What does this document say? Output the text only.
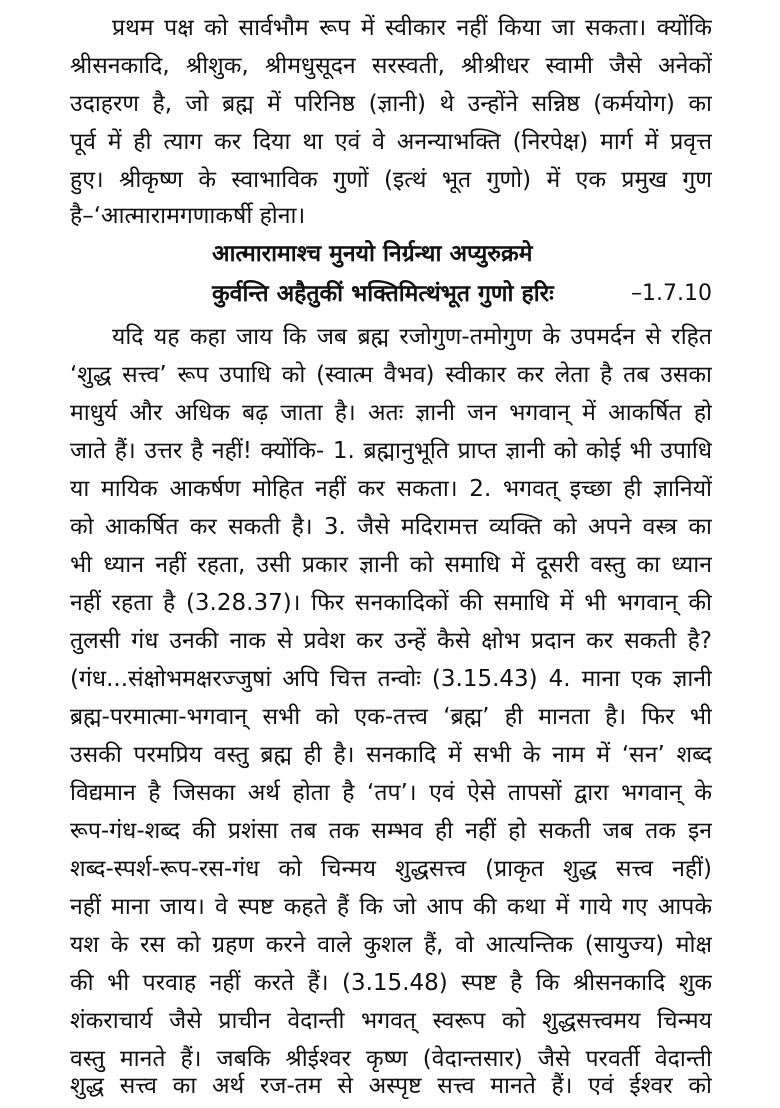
प्रथम पक्ष को सार्वभौम रूप में स्वीकार नहीं किया जा सकता। क्योंकि
श्रीसनकादि, श्रीशुक, श्रीमधुसूदन सरस्वती, श्रीश्रीधर स्वामी जैसे अनेकों
उदाहरण है, जो ब्रह्म में परिनिष्ठ (ज्ञानी) थे उन्होंने सन्निष्ठ (कर्मयोग) का
पूर्व में ही त्याग कर दिया था एवं वे अनन्याभक्ति (निरपेक्ष) मार्ग में प्रवृत्त
हुए। श्रीकृष्ण के स्वाभाविक गुणों (इत्थं भूत गुणो) में एक प्रमुख गुण
है–‘आत्मारामगणाकर्षी होना।
आत्मारामाश्च मुनयो निर्ग्रन्था अप्युरुक्रमे
कुर्वन्ति अहैतुकीं भक्तिमित्थंभूत गुणो हरिः	–1.7.10
यदि यह कहा जाय कि जब ब्रह्म रजोगुण-तमोगुण के उपमर्दन से रहित
‘शुद्ध सत्त्व’ रूप उपाधि को (स्वात्म वैभव) स्वीकार कर लेता है तब उसका
माधुर्य और अधिक बढ़ जाता है। अतः ज्ञानी जन भगवान् में आकर्षित हो
जाते हैं। उत्तर है नहीं! क्योंकि- 1. ब्रह्मानुभूति प्राप्त ज्ञानी को कोई भी उपाधि
या मायिक आकर्षण मोहित नहीं कर सकता। 2. भगवत् इच्छा ही ज्ञानियों
को आकर्षित कर सकती है। 3. जैसे मदिरामत्त व्यक्ति को अपने वस्त्र का
भी ध्यान नहीं रहता, उसी प्रकार ज्ञानी को समाधि में दूसरी वस्तु का ध्यान
नहीं रहता है (3.28.37)। फिर सनकादिकों की समाधि में भी भगवान् की
तुलसी गंध उनकी नाक से प्रवेश कर उन्हें कैसे क्षोभ प्रदान कर सकती है?
(गंध...संक्षोभमक्षरज्जुषां अपि चित्त तन्वोः (3.15.43) 4. माना एक ज्ञानी
ब्रह्म-परमात्मा-भगवान् सभी को एक-तत्त्व ‘ब्रह्म’ ही मानता है। फिर भी
उसकी परमप्रिय वस्तु ब्रह्म ही है। सनकादि में सभी के नाम में ‘सन’ शब्द
विद्यमान है जिसका अर्थ होता है ‘तप’। एवं ऐसे तापसों द्वारा भगवान् के
रूप-गंध-शब्द की प्रशंसा तब तक सम्भव ही नहीं हो सकती जब तक इन
शब्द-स्पर्श-रूप-रस-गंध को चिन्मय शुद्धसत्त्व (प्राकृत शुद्ध सत्त्व नहीं)
नहीं माना जाय। वे स्पष्ट कहते हैं कि जो आप की कथा में गाये गए आपके
यश के रस को ग्रहण करने वाले कुशल हैं, वो आत्यन्तिक (सायुज्य) मोक्ष
की भी परवाह नहीं करते हैं। (3.15.48) स्पष्ट है कि श्रीसनकादि शुक
शंकराचार्य जैसे प्राचीन वेदान्ती भगवत् स्वरूप को शुद्धसत्त्वमय चिन्मय
वस्तु मानते हैं। जबकि श्रीईश्वर कृष्ण (वेदान्तसार) जैसे परवर्ती वेदान्ती
शुद्ध सत्त्व का अर्थ रज-तम से अस्पृष्ट सत्त्व मानते हैं। एवं ईश्वर को
